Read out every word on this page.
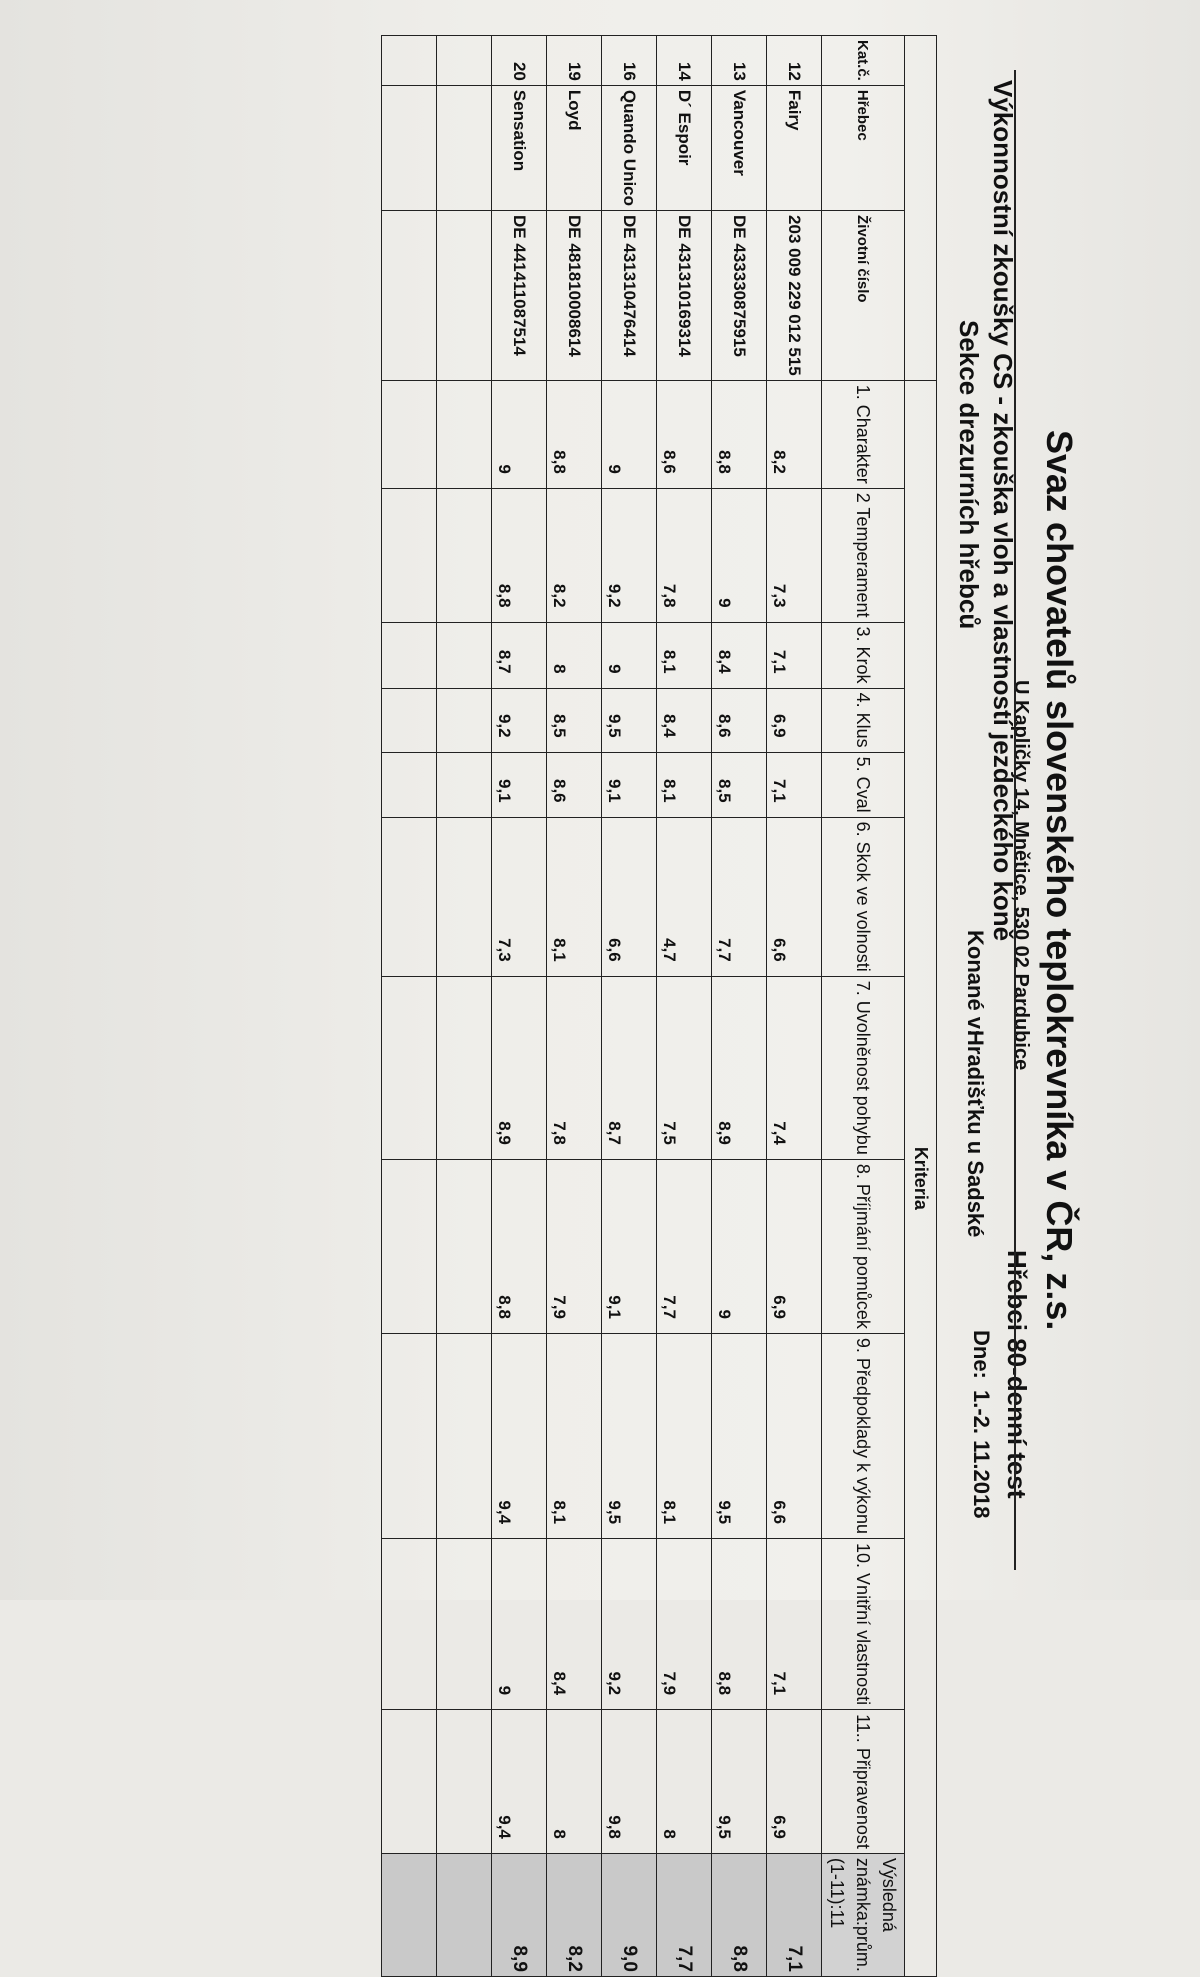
Svaz chovatelů slovenského teplokrevníka v ČR, z.s.
U Kapličky 14, Mnětice, 530 02 Pardubice
Hřebci 80-denní test
Výkonnostní zkoušky CS - zkouška vloh a vlastností jezdeckého koně
Sekce drezurních hřebců
Konané v:
Hradišťku u Sadské
Dne:
1.-2. 11.2018
			Kriteria											
Kat.č.	Hřebec	Životní číslo	1. Charakter	2 Temperament	3. Krok	4. Klus	5. Cval	6. Skok ve volnosti	7. Uvolněnost pohybu	8. Příjmání pomůcek	9. Předpoklady k výkonu	10. Vnitřní vlastnosti	11.. Připravenost	Výsledná známka:prům. (1-11):11
12	Fairy	203 009 229 012 515	8,2	7,3	7,1	6,9	7,1	6,6	7,4	6,9	6,6	7,1	6,9	7,1
13	Vancouver	DE 433330875915	8,8	9	8,4	8,6	8,5	7,7	8,9	9	9,5	8,8	9,5	8,8
14	D´ Espoir	DE 431310169314	8,6	7,8	8,1	8,4	8,1	4,7	7,5	7,7	8,1	7,9	8	7,7
16	Quando Unico	DE 431310476414	9	9,2	9	9,5	9,1	6,6	8,7	9,1	9,5	9,2	9,8	9,0
19	Loyd	DE 481810008614	8,8	8,2	8	8,5	8,6	8,1	7,8	7,9	8,1	8,4	8	8,2
20	Sensation	DE 441411087514	9	8,8	8,7	9,2	9,1	7,3	8,9	8,8	9,4	9	9,4	8,9
